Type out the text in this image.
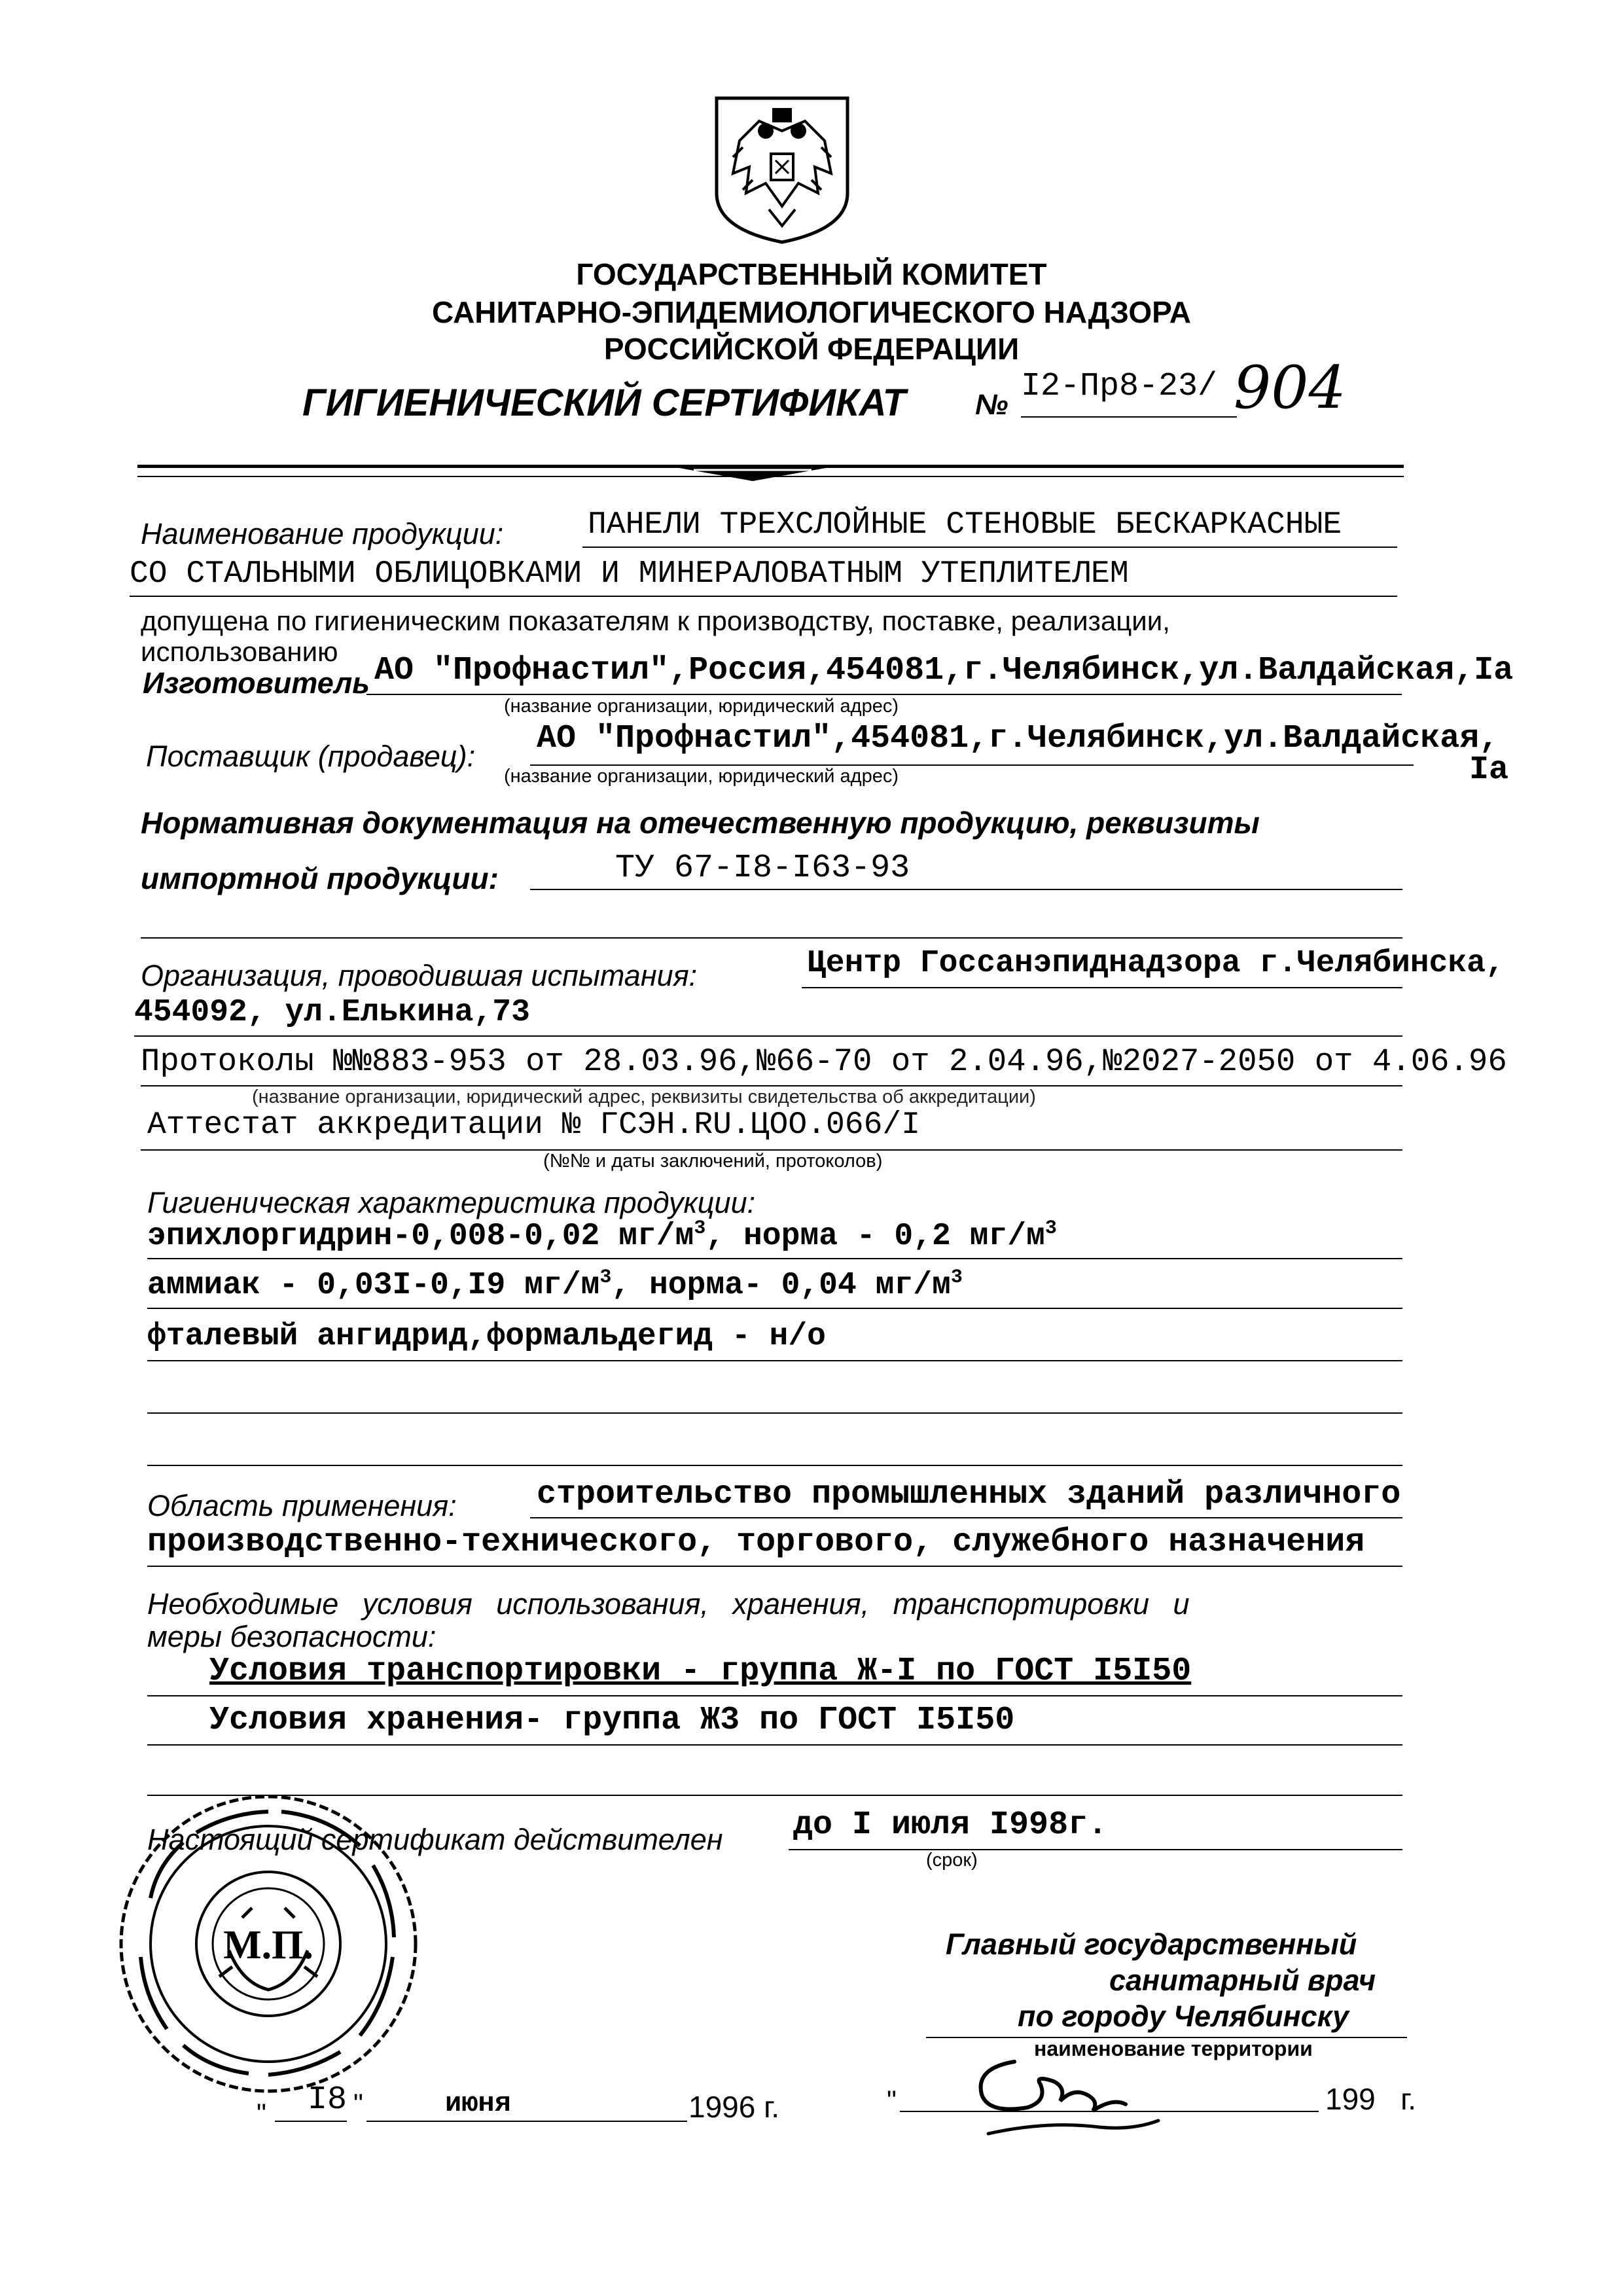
ГОСУДАРСТВЕННЫЙ КОМИТЕТ
САНИТАРНО-ЭПИДЕМИОЛОГИЧЕСКОГО НАДЗОРА
РОССИЙСКОЙ ФЕДЕРАЦИИ
ГИГИЕНИЧЕСКИЙ СЕРТИФИКАТ № I2-Пр8-23/ 904
Наименование продукции:	ПАНЕЛИ ТРЕХСЛОЙНЫЕ СТЕНОВЫЕ БЕСКАРКАСНЫЕ
СО СТАЛЬНЫМИ ОБЛИЦОВКАМИ И МИНЕРАЛОВАТНЫМ УТЕПЛИТЕЛЕМ
допущена по гигиеническим показателям к производству, поставке, реализации,
использованию
Изготовитель АО "Профнастил",Россия,454081,г.Челябинск,ул.Валдайская,Ia
(название организации, юридический адрес)
Поставщик (продавец): АО "Профнастил",454081,г.Челябинск,ул.Валдайская,
Ia
(название организации, юридический адрес)
Нормативная документация на отечественную продукцию, реквизиты
импортной продукции:	ТУ 67-I8-I63-93
Организация, проводившая испытания:	Центр Госсанэпиднадзора г.Челябинска,
454092, ул.Елькина,73
Протоколы №№883-953 от 28.03.96,№66-70 от 2.04.96,№2027-2050 от 4.06.96
(название организации, юридический адрес, реквизиты свидетельства об аккредитации)
Аттестат аккредитации № ГСЭН.RU.ЦОО.066/I
(№№ и даты заключений, протоколов)
Гигиеническая характеристика продукции:
эпихлоргидрин-0,008-0,02 $мг/м^3$, норма - 0,2 $мг/м^3$
аммиак - 0,03I-0,I9 $мг/м^3$, норма- 0,04 $мг/м^3$
фталевый ангидрид,формальдегид - н/о
Область применения: строительство промышленных зданий различного
производственно-технического, торгового, служебного назначения
Необходимые условия использования, хранения, транспортировки и
меры безопасности:
Условия транспортировки - группа Ж-I по ГОСТ I5I50
Условия хранения- группа Ж3 по ГОСТ I5I50
Настоящий сертификат действителен до I июля I998г.
(срок)
М.П.	Главный государственный
санитарный врач
по городу Челябинску
наименование территории
" I8 "	июня	1996 г.	"	199   г.
